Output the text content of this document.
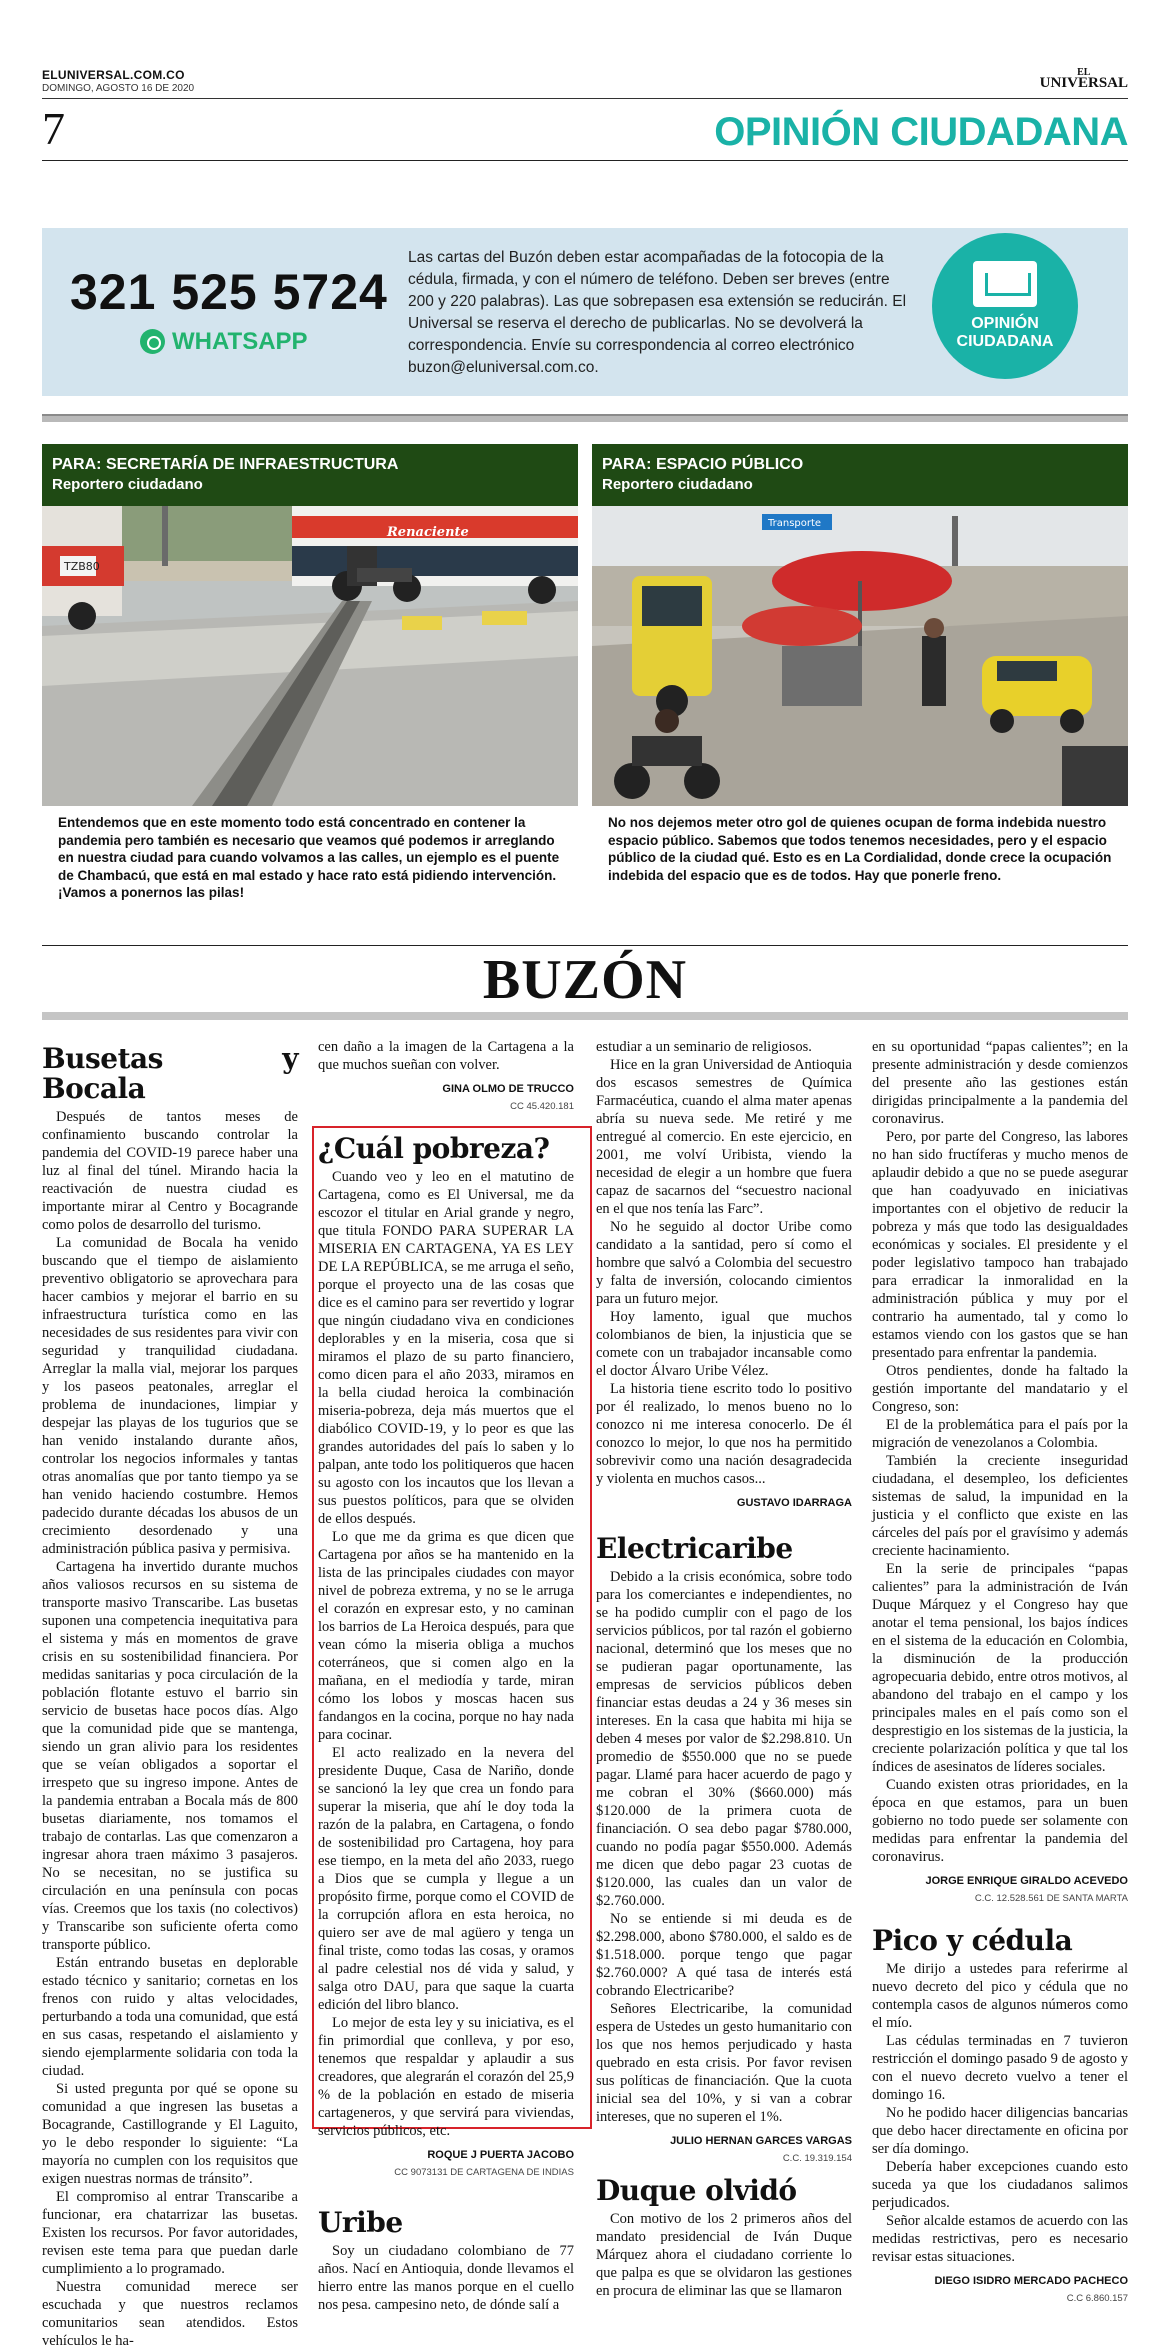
ELUNIVERSAL.COM.CO
DOMINGO, AGOSTO 16 DE 2020
EL
UNIVERSAL
7	OPINIÓN CIUDADANA
321 525 5724
WHATSAPP
Las cartas del Buzón deben estar acompañadas de la fotocopia de la cédula, firmada, y con el número de teléfono. Deben ser breves (entre 200 y 220 palabras). Las que sobrepasen esa extensión se reducirán. El Universal se reserva el derecho de publicarlas. No se devolverá la correspondencia. Envíe su correspondencia al correo electrónico buzon@eluniversal.com.co.
OPINIÓN
CIUDADANA
PARA: SECRETARÍA DE INFRAESTRUCTURA
Reportero ciudadano
TZB80
Renaciente
Entendemos que en este momento todo está concentrado en contener la pandemia pero también es necesario que veamos qué podemos ir arreglando en nuestra ciudad para cuando volvamos a las calles, un ejemplo es el puente de Chambacú, que está en mal estado y hace rato está pidiendo intervención. ¡Vamos a ponernos las pilas!
PARA: ESPACIO PÚBLICO
Reportero ciudadano
Transporte
No nos dejemos meter otro gol de quienes ocupan de forma indebida nuestro espacio público. Sabemos que todos tenemos necesidades, pero y el espacio público de la ciudad qué. Esto es en La Cordialidad, donde crece la ocupación indebida del espacio que es de todos. Hay que ponerle freno.
BUZÓN
Busetas y Bocala

Después de tantos meses de confinamiento buscando controlar la pandemia del COVID-19 parece haber una luz al final del túnel. Mirando hacia la reactivación de nuestra ciudad es importante mirar al Centro y Bocagrande como polos de desarrollo del turismo.

La comunidad de Bocala ha venido buscando que el tiempo de aislamiento preventivo obligatorio se aprovechara para hacer cambios y mejorar el barrio en su infraestructura turística como en las necesidades de sus residentes para vivir con seguridad y tranquilidad ciudadana. Arreglar la malla vial, mejorar los parques y los paseos peatonales, arreglar el problema de inundaciones, limpiar y despejar las playas de los tugurios que se han venido instalando durante años, controlar los negocios informales y tantas otras anomalías que por tanto tiempo ya se han venido haciendo costumbre. Hemos padecido durante décadas los abusos de un crecimiento desordenado y una administración pública pasiva y permisiva.

Cartagena ha invertido durante muchos años valiosos recursos en su sistema de transporte masivo Transcaribe. Las busetas suponen una competencia inequitativa para el sistema y más en momentos de grave crisis en su sostenibilidad financiera. Por medidas sanitarias y poca circulación de la población flotante estuvo el barrio sin servicio de busetas hace pocos días. Algo que la comunidad pide que se mantenga, siendo un gran alivio para los residentes que se veían obligados a soportar el irrespeto que su ingreso impone. Antes de la pandemia entraban a Bocala más de 800 busetas diariamente, nos tomamos el trabajo de contarlas. Las que comenzaron a ingresar ahora traen máximo 3 pasajeros. No se necesitan, no se justifica su circulación en una península con pocas vías. Creemos que los taxis (no colectivos) y Transcaribe son suficiente oferta como transporte público.

Están entrando busetas en deplorable estado técnico y sanitario; cornetas en los frenos con ruido y altas velocidades, perturbando a toda una comunidad, que está en sus casas, respetando el aislamiento y siendo ejemplarmente solidaria con toda la ciudad.

Si usted pregunta por qué se opone su comunidad a que ingresen las busetas a Bocagrande, Castillogrande y El Laguito, yo le debo responder lo siguiente: “La mayoría no cumplen con los requisitos que exigen nuestras normas de tránsito”.

El compromiso al entrar Transcaribe a funcionar, era chatarrizar las busetas. Existen los recursos. Por favor autoridades, revisen este tema para que puedan darle cumplimiento a lo programado.

Nuestra comunidad merece ser escuchada y que nuestros reclamos comunitarios sean atendidos. Estos vehículos le ha-

cen daño a la imagen de la Cartagena a la que muchos sueñan con volver.

GINA OLMO DE TRUCCO
CC 45.420.181
¿Cuál pobreza?

Cuando veo y leo en el matutino de Cartagena, como es El Universal, me da escozor el titular en Arial grande y negro, que titula FONDO PARA SUPERAR LA MISERIA EN CARTAGENA, YA ES LEY DE LA REPÚBLICA, se me arruga el seño, porque el proyecto una de las cosas que dice es el camino para ser revertido y lograr que ningún ciudadano viva en condiciones deplorables y en la miseria, cosa que si miramos el plazo de su parto financiero, como dicen para el año 2033, miramos en la bella ciudad heroica la combinación miseria-pobreza, deja más muertos que el diabólico COVID-19, y lo peor es que las grandes autoridades del país lo saben y lo palpan, ante todo los politiqueros que hacen su agosto con los incautos que los llevan a sus puestos políticos, para que se olviden de ellos después.

Lo que me da grima es que dicen que Cartagena por años se ha mantenido en la lista de las principales ciudades con mayor nivel de pobreza extrema, y no se le arruga el corazón en expresar esto, y no caminan los barrios de La Heroica después, para que vean cómo la miseria obliga a muchos coterráneos, que si comen algo en la mañana, en el mediodía y tarde, miran cómo los lobos y moscas hacen sus fandangos en la cocina, porque no hay nada para cocinar.

El acto realizado en la nevera del presidente Duque, Casa de Nariño, donde se sancionó la ley que crea un fondo para superar la miseria, que ahí le doy toda la razón de la palabra, en Cartagena, o fondo de sostenibilidad pro Cartagena, hoy para ese tiempo, en la meta del año 2033, ruego a Dios que se cumpla y llegue a un propósito firme, porque como el COVID de la corrupción aflora en esta heroica, no quiero ser ave de mal agüero y tenga un final triste, como todas las cosas, y oramos al padre celestial nos dé vida y salud, y salga otro DAU, para que saque la cuarta edición del libro blanco.

Lo mejor de esta ley y su iniciativa, es el fin primordial que conlleva, y por eso, tenemos que respaldar y aplaudir a sus creadores, que alegrarán el corazón del 25,9 % de la población en estado de miseria cartageneros, y que servirá para viviendas, servicios públicos, etc.

ROQUE J PUERTA JACOBO
CC 9073131 DE CARTAGENA DE INDIAS
Uribe

Soy un ciudadano colombiano de 77 años. Nací en Antioquia, donde llevamos el hierro entre las manos porque en el cuello nos pesa. campesino neto, de dónde salí a

estudiar a un seminario de religiosos.

Hice en la gran Universidad de Antioquia dos escasos semestres de Química Farmacéutica, cuando el alma mater apenas abría su nueva sede. Me retiré y me entregué al comercio. En este ejercicio, en 2001, me volví Uribista, viendo la necesidad de elegir a un hombre que fuera capaz de sacarnos del “secuestro nacional en el que nos tenía las Farc”.

No he seguido al doctor Uribe como candidato a la santidad, pero sí como el hombre que salvó a Colombia del secuestro y falta de inversión, colocando cimientos para un futuro mejor.

Hoy lamento, igual que muchos colombianos de bien, la injusticia que se comete con un trabajador incansable como el doctor Álvaro Uribe Vélez.

La historia tiene escrito todo lo positivo por él realizado, lo menos bueno no lo conozco ni me interesa conocerlo. De él conozco lo mejor, lo que nos ha permitido sobrevivir como una nación desagradecida y violenta en muchos casos...

GUSTAVO IDARRAGA
Electricaribe

Debido a la crisis económica, sobre todo para los comerciantes e independientes, no se ha podido cumplir con el pago de los servicios públicos, por tal razón el gobierno nacional, determinó que los meses que no se pudieran pagar oportunamente, las empresas de servicios públicos deben financiar estas deudas a 24 y 36 meses sin intereses. En la casa que habita mi hija se deben 4 meses por valor de $2.298.810. Un promedio de $550.000 que no se puede pagar. Llamé para hacer acuerdo de pago y me cobran el 30% ($660.000) más $120.000 de la primera cuota de financiación. O sea debo pagar $780.000, cuando no podía pagar $550.000. Además me dicen que debo pagar 23 cuotas de $120.000, las cuales dan un valor de $2.760.000.

No se entiende si mi deuda es de $2.298.000, abono $780.000, el saldo es de $1.518.000. porque tengo que pagar $2.760.000? A qué tasa de interés está cobrando Electricaribe?

Señores Electricaribe, la comunidad espera de Ustedes un gesto humanitario con los que nos hemos perjudicado y hasta quebrado en esta crisis. Por favor revisen sus políticas de financiación. Que la cuota inicial sea del 10%, y si van a cobrar intereses, que no superen el 1%.

JULIO HERNAN GARCES VARGAS
C.C. 19.319.154
Duque olvidó

Con motivo de los 2 primeros años del mandato presidencial de Iván Duque Márquez ahora el ciudadano corriente lo que palpa es que se olvidaron las gestiones en procura de eliminar las que se llamaron

en su oportunidad “papas calientes”; en la presente administración y desde comienzos del presente año las gestiones están dirigidas principalmente a la pandemia del coronavirus.

Pero, por parte del Congreso, las labores no han sido fructíferas y mucho menos de aplaudir debido a que no se puede asegurar que han coadyuvado en iniciativas importantes con el objetivo de reducir la pobreza y más que todo las desigualdades económicas y sociales. El presidente y el poder legislativo tampoco han trabajado para erradicar la inmoralidad en la administración pública y muy por el contrario ha aumentado, tal y como lo estamos viendo con los gastos que se han presentado para enfrentar la pandemia.

Otros pendientes, donde ha faltado la gestión importante del mandatario y el Congreso, son:

El de la problemática para el país por la migración de venezolanos a Colombia.

También la creciente inseguridad ciudadana, el desempleo, los deficientes sistemas de salud, la impunidad en la justicia y el conflicto que existe en las cárceles del país por el gravísimo y además creciente hacinamiento.

En la serie de principales “papas calientes” para la administración de Iván Duque Márquez y el Congreso hay que anotar el tema pensional, los bajos índices en el sistema de la educación en Colombia, la disminución de la producción agropecuaria debido, entre otros motivos, al abandono del trabajo en el campo y los principales males en el país como son el desprestigio en los sistemas de la justicia, la creciente polarización política y que tal los índices de asesinatos de líderes sociales.

Cuando existen otras prioridades, en la época en que estamos, para un buen gobierno no todo puede ser solamente con medidas para enfrentar la pandemia del coronavirus.

JORGE ENRIQUE GIRALDO ACEVEDO
C.C. 12.528.561 DE SANTA MARTA
Pico y cédula

Me dirijo a ustedes para referirme al nuevo decreto del pico y cédula que no contempla casos de algunos números como el mío.

Las cédulas terminadas en 7 tuvieron restricción el domingo pasado 9 de agosto y con el nuevo decreto vuelvo a tener el domingo 16.

No he podido hacer diligencias bancarias que debo hacer directamente en oficina por ser día domingo.

Debería haber excepciones cuando esto suceda ya que los ciudadanos salimos perjudicados.

Señor alcalde estamos de acuerdo con las medidas restrictivas, pero es necesario revisar estas situaciones.

DIEGO ISIDRO MERCADO PACHECO
C.C 6.860.157
